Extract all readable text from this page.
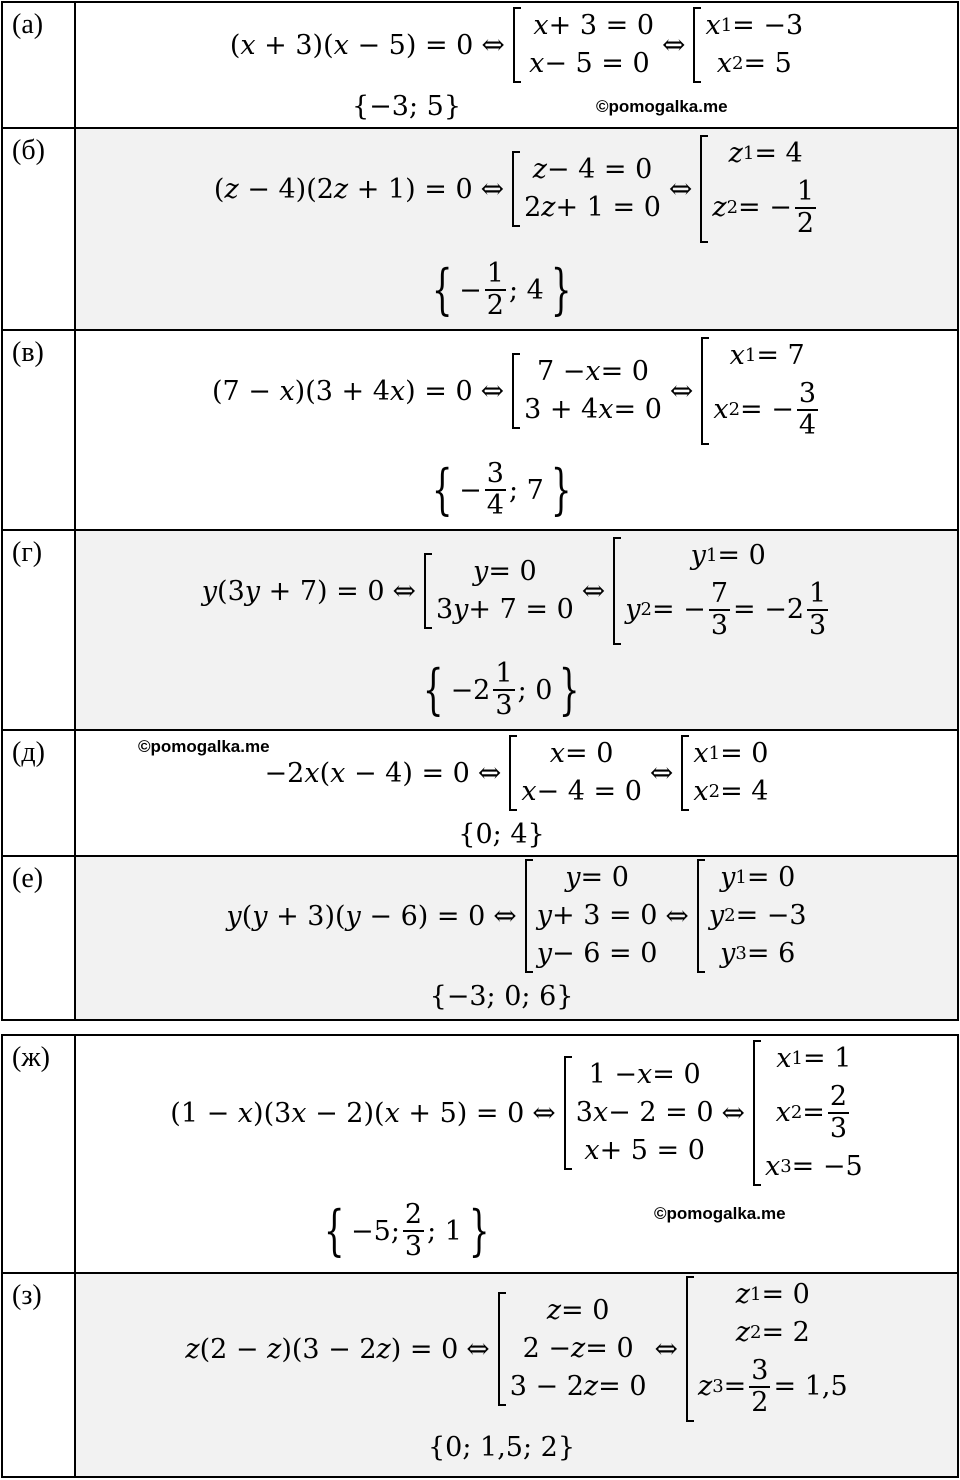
(а)
(x + 3)(x − 5) = 0 ⇔

x + 3 = 0
x − 5 = 0
⇔
x 1 = −3
x 2 = 5
{−3; 5}	©pomogalka.me
(б)
(z − 4)(2z + 1) = 0 ⇔
z − 4 = 0
2 z + 1 = 0
⇔
z 1 = 4
z 2 = − $\frac{1}{2}$
{ − $\frac{1}{2}$ ; 4 }
(в)
(7 − x)(3 + 4x) = 0 ⇔
7 − x = 0
3 + 4 x = 0
⇔
x 1 = 7
x 2 = − $\frac{3}{4}$
{ − $\frac{3}{4}$ ; 7 }
(г)
y(3y + 7) = 0 ⇔
y = 0
3 y + 7 = 0
⇔
y 1 = 0
y 2 = − $\frac{7}{3} = -2 \frac{1}{3}$
{ $-2 \frac{1}{3}$ ; 0 }
(д)	©pomogalka.me
−2x(x − 4) = 0 ⇔
x = 0
x − 4 = 0
⇔
x 1 = 0
x 2 = 4
{0; 4}
(е)
y(y + 3)(y − 6) = 0 ⇔
y = 0
y + 3 = 0
y − 6 = 0
⇔
y 1 = 0
y 2 = −3
y 3 = 6
{−3; 0; 6}
(ж)
(1 − x)(3x − 2)(x + 5) = 0 ⇔
1 − x = 0
3 x − 2 = 0
x + 5 = 0
⇔
x 1 = 1
x $2 = \frac{2}{3}$
x 3 = −5
{ −5; $\frac{2}{3}$ ; 1 }	©pomogalka.me
(з)
z(2 − z)(3 − 2z) = 0 ⇔
z = 0
2 − z = 0
3 − 2 z = 0
⇔
z 1 = 0
z 2 = 2
z $3 = \frac{3}{2} = 1,5$
{0; 1,5; 2}
